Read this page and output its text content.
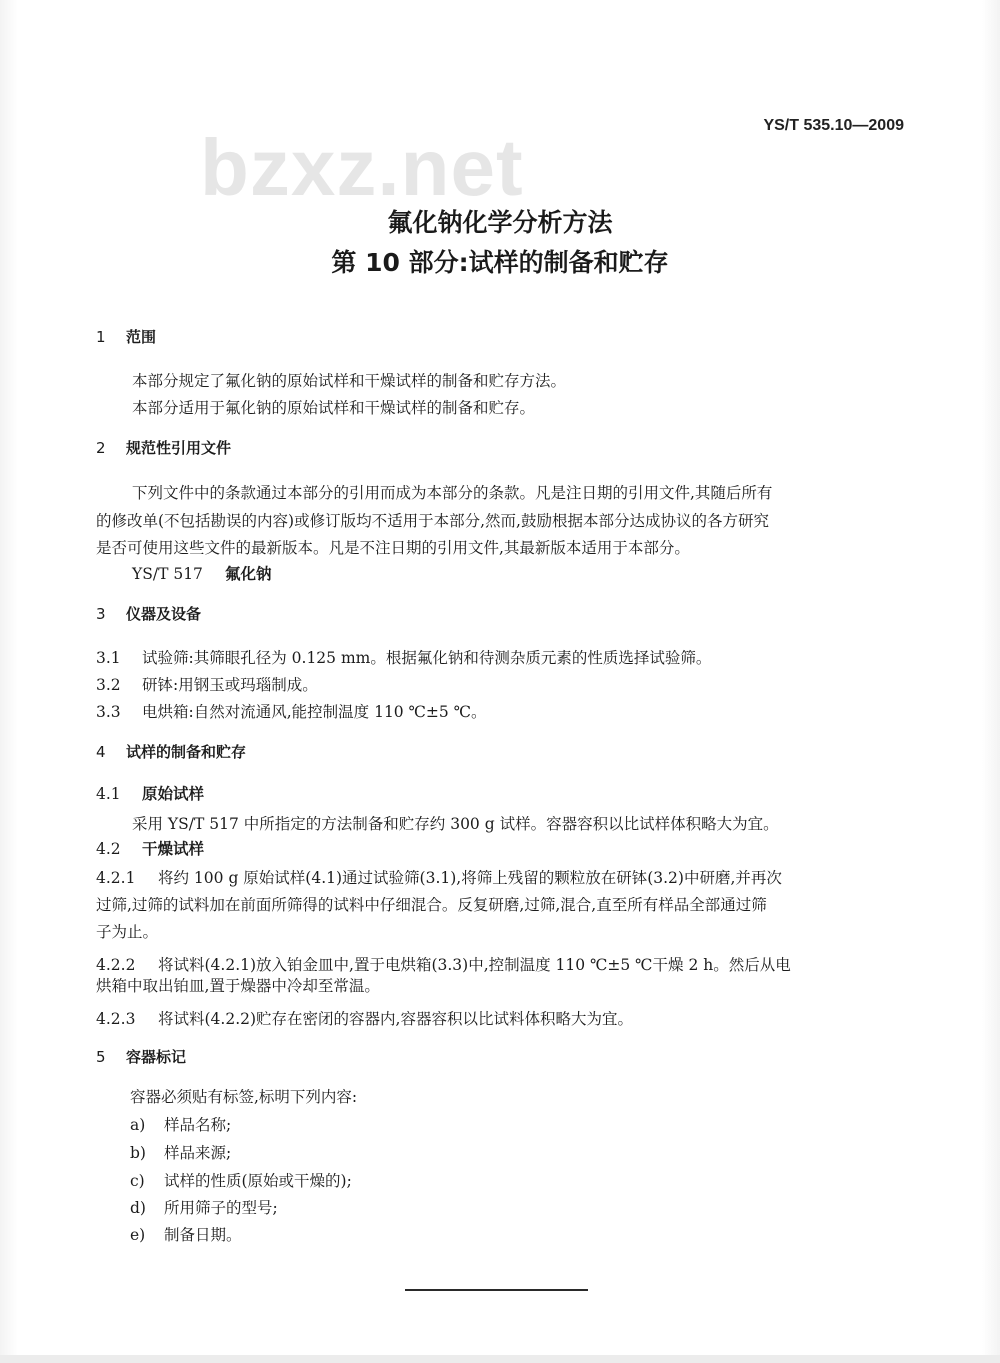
YS/T 535.10—2009
bzxz.net
氟化钠化学分析方法
第 10 部分:试样的制备和贮存
1 范围
本部分规定了氟化钠的原始试样和干燥试样的制备和贮存方法。
本部分适用于氟化钠的原始试样和干燥试样的制备和贮存。
2 规范性引用文件
下列文件中的条款通过本部分的引用而成为本部分的条款。凡是注日期的引用文件,其随后所有
的修改单(不包括勘误的内容)或修订版均不适用于本部分,然而,鼓励根据本部分达成协议的各方研究
是否可使用这些文件的最新版本。凡是不注日期的引用文件,其最新版本适用于本部分。
YS/T 517 氟化钠
3 仪器及设备
3.1 试验筛:其筛眼孔径为 0.125 mm。根据氟化钠和待测杂质元素的性质选择试验筛。
3.2 研钵:用钢玉或玛瑙制成。
3.3 电烘箱:自然对流通风,能控制温度 110 ℃±5 ℃。
4 试样的制备和贮存
4.1 原始试样
采用 YS/T 517 中所指定的方法制备和贮存约 300 g 试样。容器容积以比试样体积略大为宜。
4.2 干燥试样
4.2.1 将约 100 g 原始试样(4.1)通过试验筛(3.1),将筛上残留的颗粒放在研钵(3.2)中研磨,并再次
过筛,过筛的试料加在前面所筛得的试料中仔细混合。反复研磨,过筛,混合,直至所有样品全部通过筛
子为止。
4.2.2 将试料(4.2.1)放入铂金皿中,置于电烘箱(3.3)中,控制温度 110 ℃±5 ℃干燥 2 h。然后从电
烘箱中取出铂皿,置于燥器中冷却至常温。
4.2.3 将试料(4.2.2)贮存在密闭的容器内,容器容积以比试料体积略大为宜。
5 容器标记
容器必须贴有标签,标明下列内容:
a) 样品名称;
b) 样品来源;
c) 试样的性质(原始或干燥的);
d) 所用筛子的型号;
e) 制备日期。
